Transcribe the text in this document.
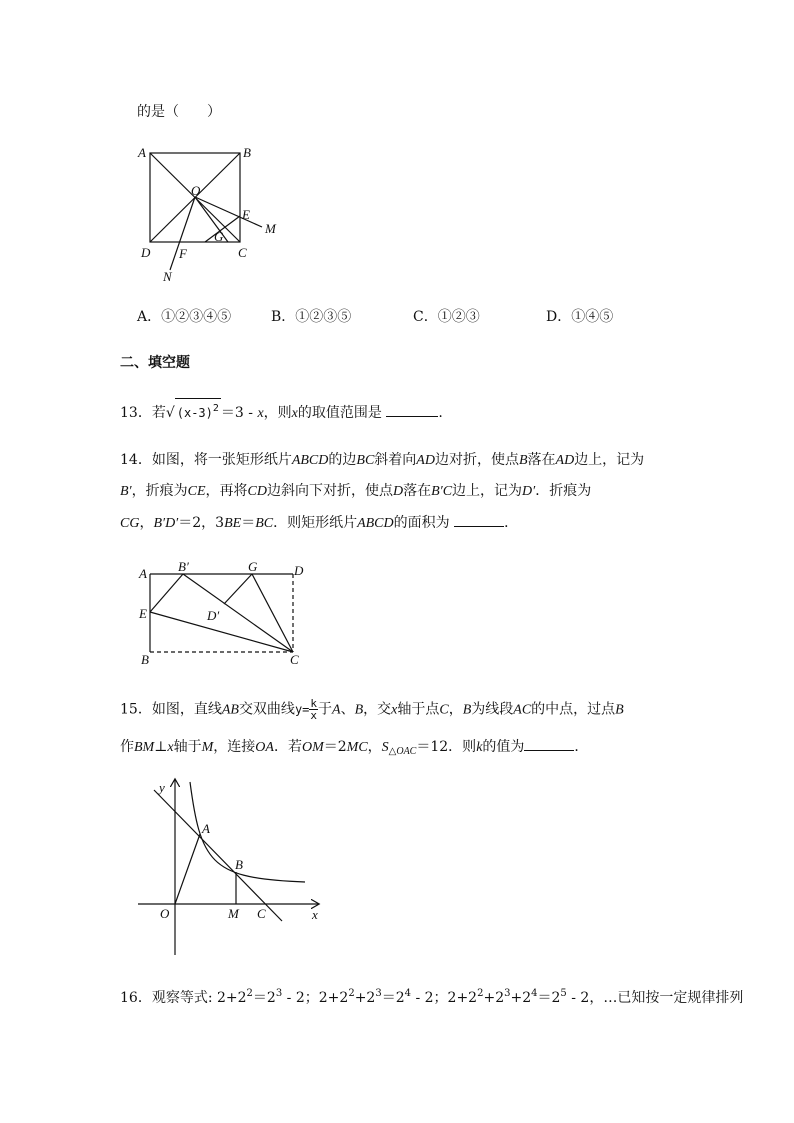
的是（　　）
A	B
O
E
M
G
D F	C
N
A．①②③④⑤	B．①②③⑤	C．①②③	D．①④⑤
二、填空题
13．若√ $(x-3)^2 =3 - x$，则x的取值范围是	.
14．如图，将一张矩形纸片ABCD的边BC斜着向AD边对折，使点B落在AD边上，记为
B′，折痕为CE，再将CD边斜向下对折，使点D落在B′C边上，记为D′．折痕为
CG，B′D′＝2，3BE＝BC．则矩形纸片ABCD的面积为	．
A B′	G	D
E	D′
B	C
15．如图，直线AB交双曲线$y= \frac{k}{x}$ 于A、B，交x轴于点C，B为线段AC的中点，过点B
作BM⊥x轴于M，连接OA．若OM＝2MC，$S_{\triangle OAC}=12$．则k的值为	．
y
A
B
O	M C	x
16．观察等式: $2+2^2=2^3 - 2$；$2+2^2+2^3=2^4 - 2$；$2+2^2+2^3+2^4=2^5 - 2$，…已知按一定规律排列
